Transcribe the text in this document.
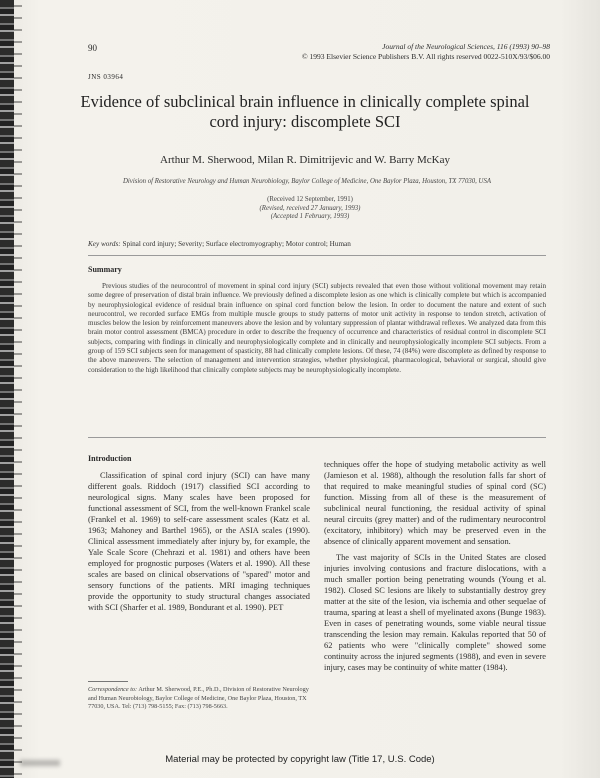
90	Journal of the Neurological Sciences, 116 (1993) 90–98
© 1993 Elsevier Science Publishers B.V. All rights reserved 0022-510X/93/$06.00
JNS 03964
Evidence of subclinical brain influence in clinically complete spinal cord injury: discomplete SCI
Arthur M. Sherwood, Milan R. Dimitrijevic and W. Barry McKay
Division of Restorative Neurology and Human Neurobiology, Baylor College of Medicine, One Baylor Plaza, Houston, TX 77030, USA
(Received 12 September, 1991)
(Revised, received 27 January, 1993)
(Accepted 1 February, 1993)
Key words: Spinal cord injury; Severity; Surface electromyography; Motor control; Human
Summary
Previous studies of the neurocontrol of movement in spinal cord injury (SCI) subjects revealed that even those without volitional movement may retain some degree of preservation of distal brain influence. We previously defined a discomplete lesion as one which is clinically complete but which is accompanied by neurophysiological evidence of residual brain influence on spinal cord function below the lesion. In order to document the nature and extent of such neurocontrol, we recorded surface EMGs from multiple muscle groups to study patterns of motor unit activity in response to tendon stretch, activation of muscles below the lesion by reinforcement maneuvers above the lesion and by voluntary suppression of plantar withdrawal reflexes. We analyzed data from this brain motor control assessment (BMCA) procedure in order to describe the frequency of occurrence and characteristics of residual control in discomplete SCI subjects, comparing with findings in clinically and neurophysiologically complete and in clinically and neurophysiologically incomplete SCI subjects. From a group of 159 SCI subjects seen for management of spasticity, 88 had clinically complete lesions. Of these, 74 (84%) were discomplete as defined by response to the above maneuvers. The selection of management and intervention strategies, whether physiological, pharmacological, behavioral or surgical, should give consideration to the high likelihood that clinically complete subjects may be neurophysiologically incomplete.
Introduction

Classification of spinal cord injury (SCI) can have many different goals. Riddoch (1917) classified SCI according to neurological signs. Many scales have been proposed for functional assessment of SCI, from the well-known Frankel scale (Frankel et al. 1969) to self-care assessment scales (Katz et al. 1963; Mahoney and Barthel 1965), or the ASIA scales (1990). Clinical assessment immediately after injury by, for example, the Yale Scale Score (Chehrazi et al. 1981) and others have been employed for prognostic purposes (Waters et al. 1990). All these scales are based on clinical observations of "spared" motor and sensory functions of the patients. MRI imaging techniques provide the opportunity to study structural changes associated with SCI (Sharfer et al. 1989, Bondurant et al. 1990). PET

techniques offer the hope of studying metabolic activity as well (Jamieson et al. 1988), although the resolution falls far short of that required to make meaningful studies of spinal cord (SC) function. Missing from all of these is the measurement of subclinical neural functioning, the residual activity of spinal neural circuits (grey matter) and of the rudimentary neurocontrol (excitatory, inhibitory) which may be preserved even in the absence of clinically apparent movement and sensation.

The vast majority of SCIs in the United States are closed injuries involving contusions and fracture dislocations, with a much smaller portion being penetrating wounds (Young et al. 1982). Closed SC lesions are likely to substantially destroy grey matter at the site of the lesion, via ischemia and other sequelae of trauma, sparing at least a shell of myelinated axons (Bunge 1983). Even in cases of penetrating wounds, some viable neural tissue transcending the lesion may remain. Kakulas reported that 50 of 62 patients who were "clinically complete" showed some continuity across the injured segments (1988), and even in severe injury, cases may be continuity of white matter (1984).

Correspondence to: Arthur M. Sherwood, P.E., Ph.D., Division of Restorative Neurology and Human Neurobiology, Baylor College of Medicine, One Baylor Plaza, Houston, TX 77030, USA. Tel: (713) 798-5155; Fax: (713) 798-5663.
Material may be protected by copyright law (Title 17, U.S. Code)
